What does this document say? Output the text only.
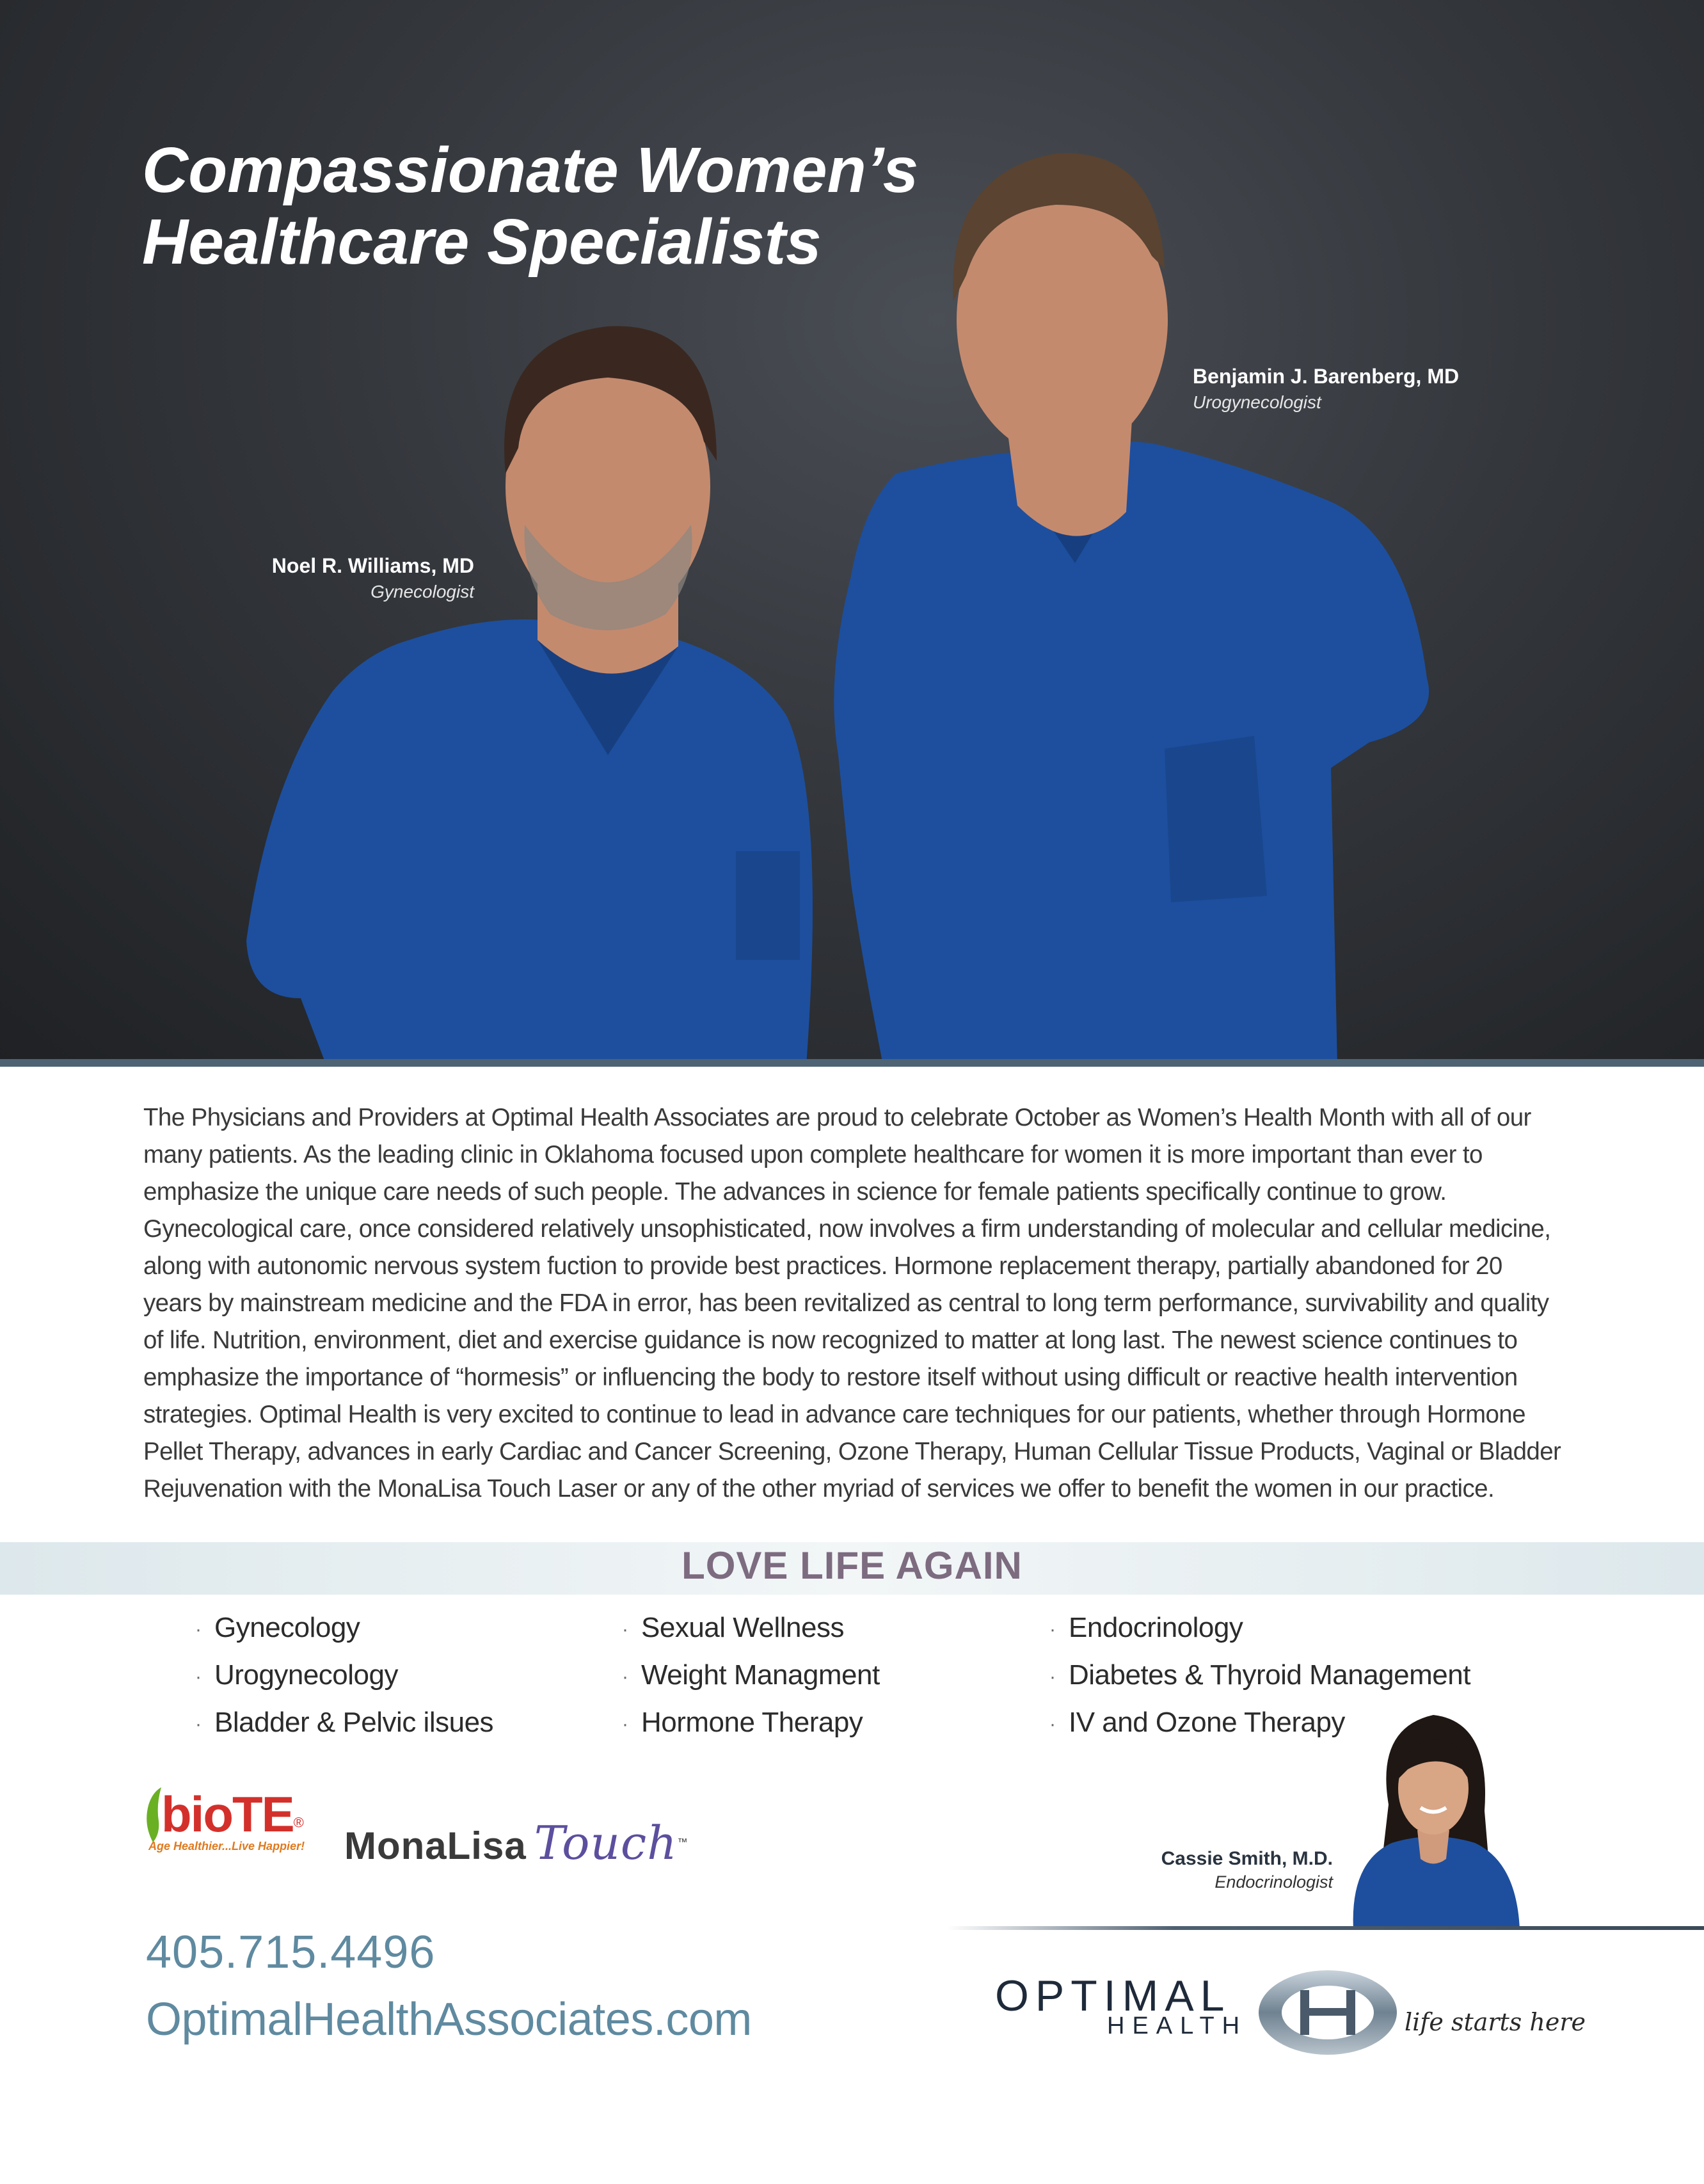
Compassionate Women’s
Healthcare Specialists
Benjamin J. Barenberg, MD
Urogynecologist
Noel R. Williams, MD
Gynecologist

The Physicians and Providers at Optimal Health Associates are proud to celebrate October as Women’s Health Month with all of our many patients. As the leading clinic in Oklahoma focused upon complete healthcare for women it is more important than ever to emphasize the unique care needs of such people. The advances in science for female patients specifically continue to grow. Gynecological care, once considered relatively unsophisticated, now involves a firm understanding of molecular and cellular medicine, along with autonomic nervous system fuction to provide best practices. Hormone replacement therapy, partially abandoned for 20 years by mainstream medicine and the FDA in error, has been revitalized as central to long term performance, survivability and quality of life. Nutrition, environment, diet and exercise guidance is now recognized to matter at long last. The newest science continues to emphasize the importance of “hormesis” or influencing the body to restore itself without using difficult or reactive health intervention strategies. Optimal Health is very excited to continue to lead in advance care techniques for our patients, whether through Hormone Pellet Therapy, advances in early Cardiac and Cancer Screening, Ozone Therapy, Human Cellular Tissue Products, Vaginal or Bladder Rejuvenation with the MonaLisa Touch Laser or any of the other myriad of services we offer to benefit the women in our practice.

LOVE LIFE AGAIN
· Gynecology
· Urogynecology
· Bladder & Pelvic ilsues
· Sexual Wellness
· Weight Managment
· Hormone Therapy
· Endocrinology
· Diabetes & Thyroid Management
· IV and Ozone Therapy
bioTE®
Age Healthier...Live Happier! MonaLisa Touch™
405.715.4496
OptimalHealthAssociates.com
Cassie Smith, M.D.
Endocrinologist
OPTIMAL
HEALTH	life starts here
